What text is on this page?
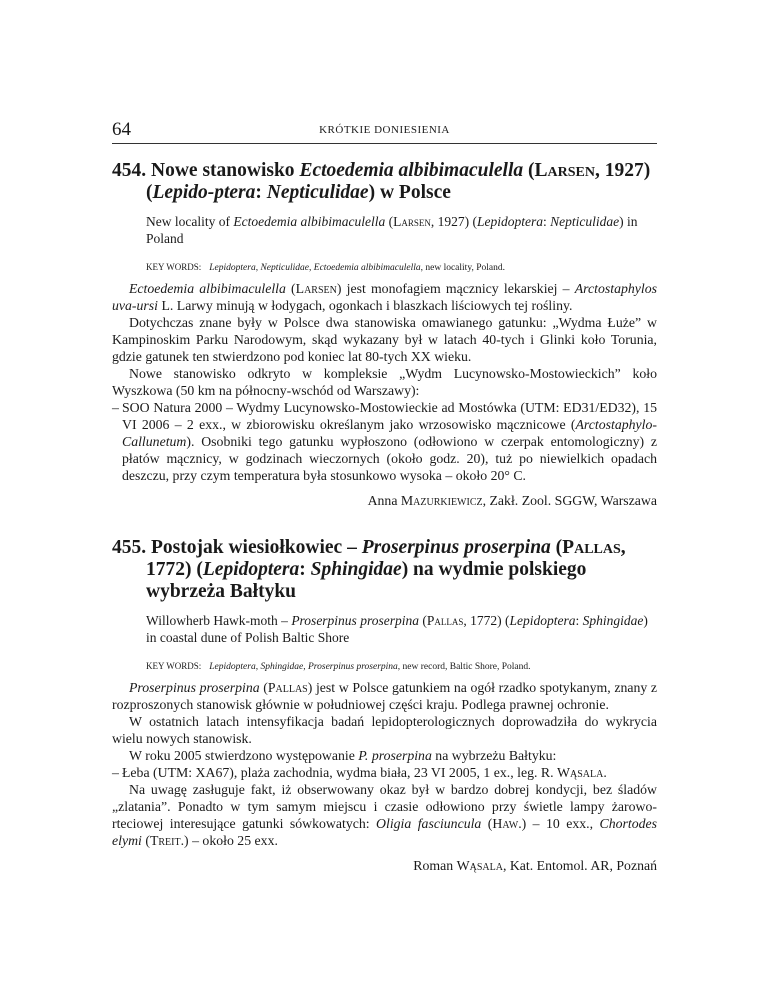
64	KRÓTKIE DONIESIENIA
454. Nowe stanowisko Ectoedemia albibimaculella (Larsen, 1927) (Lepido-ptera: Nepticulidae) w Polsce

New locality of Ectoedemia albibimaculella (Larsen, 1927) (Lepidoptera: Nepticulidae) in Poland

KEY WORDS: Lepidoptera, Nepticulidae, Ectoedemia albibimaculella, new locality, Poland.

Ectoedemia albibimaculella (Larsen) jest monofagiem mącznicy lekarskiej – Arctostaphylos uva-ursi L. Larwy minują w łodygach, ogonkach i blaszkach liściowych tej rośliny.

Dotychczas znane były w Polsce dwa stanowiska omawianego gatunku: „Wydma Łuże” w Kampinoskim Parku Narodowym, skąd wykazany był w latach 40-tych i Glinki koło Torunia, gdzie gatunek ten stwierdzono pod koniec lat 80-tych XX wieku.

Nowe stanowisko odkryto w kompleksie „Wydm Lucynowsko-Mostowieckich” koło Wyszkowa (50 km na północny-wschód od Warszawy):

– SOO Natura 2000 – Wydmy Lucynowsko-Mostowieckie ad Mostówka (UTM: ED31/ED32), 15 VI 2006 – 2 exx., w zbiorowisku określanym jako wrzosowisko mącznicowe (Arctostaphylo-Callunetum). Osobniki tego gatunku wypłoszono (odłowiono w czerpak entomologiczny) z płatów mącznicy, w godzinach wieczornych (około godz. 20), tuż po niewielkich opadach deszczu, przy czym temperatura była stosunkowo wysoka – około 20° C.

Anna Mazurkiewicz, Zakł. Zool. SGGW, Warszawa
455. Postojak wiesiołkowiec – Proserpinus proserpina (Pallas, 1772) (Lepidoptera: Sphingidae) na wydmie polskiego wybrzeża Bałtyku

Willowherb Hawk-moth – Proserpinus proserpina (Pallas, 1772) (Lepidoptera: Sphingidae) in coastal dune of Polish Baltic Shore

KEY WORDS: Lepidoptera, Sphingidae, Proserpinus proserpina, new record, Baltic Shore, Poland.

Proserpinus proserpina (Pallas) jest w Polsce gatunkiem na ogół rzadko spotykanym, znany z rozproszonych stanowisk głównie w południowej części kraju. Podlega prawnej ochronie.

W ostatnich latach intensyfikacja badań lepidopterologicznych doprowadziła do wykrycia wielu nowych stanowisk.

W roku 2005 stwierdzono występowanie P. proserpina na wybrzeżu Bałtyku:

– Łeba (UTM: XA67), plaża zachodnia, wydma biała, 23 VI 2005, 1 ex., leg. R. Wąsala.

Na uwagę zasługuje fakt, iż obserwowany okaz był w bardzo dobrej kondycji, bez śladów „zlatania”. Ponadto w tym samym miejscu i czasie odłowiono przy świetle lampy żarowo-rteciowej interesujące gatunki sówkowatych: Oligia fasciuncula (Haw.) – 10 exx., Chortodes elymi (Treit.) – około 25 exx.

Roman Wąsala, Kat. Entomol. AR, Poznań
